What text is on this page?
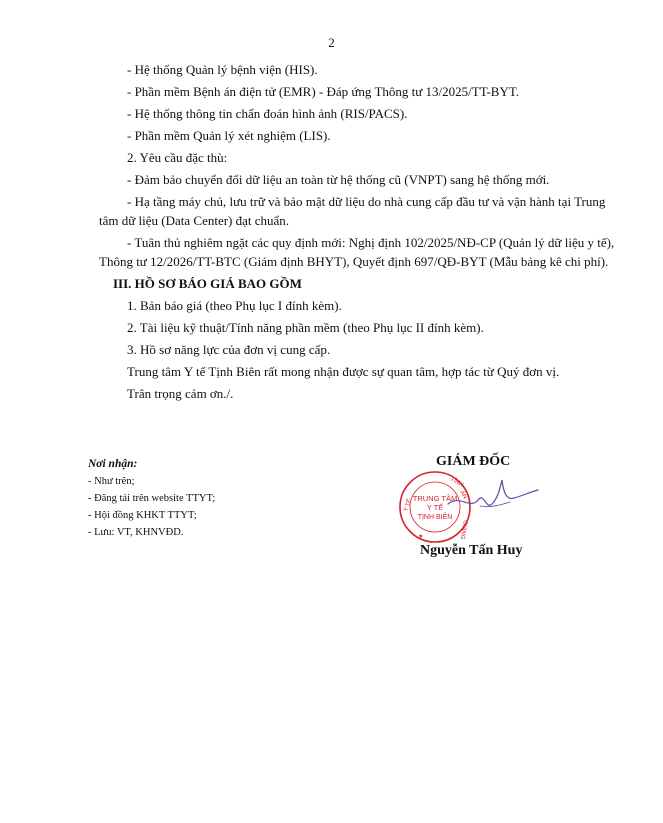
2

- Hệ thống Quản lý bệnh viện (HIS).

- Phần mềm Bệnh án điện tử (EMR) - Đáp ứng Thông tư 13/2025/TT-BYT.

- Hệ thống thông tin chẩn đoán hình ảnh (RIS/PACS).

- Phần mềm Quản lý xét nghiệm (LIS).

2. Yêu cầu đặc thù:

- Đảm bảo chuyển đổi dữ liệu an toàn từ hệ thống cũ (VNPT) sang hệ thống mới.

- Hạ tầng máy chủ, lưu trữ và bảo mật dữ liệu do nhà cung cấp đầu tư và vận hành tại Trung tâm dữ liệu (Data Center) đạt chuẩn.

- Tuân thủ nghiêm ngặt các quy định mới: Nghị định 102/2025/NĐ-CP (Quản lý dữ liệu y tế), Thông tư 12/2026/TT-BTC (Giám định BHYT), Quyết định 697/QĐ-BYT (Mẫu bảng kê chi phí).

III. HỒ SƠ BÁO GIÁ BAO GỒM

1. Bản báo giá (theo Phụ lục I đính kèm).

2. Tài liệu kỹ thuật/Tính năng phần mềm (theo Phụ lục II đính kèm).

3. Hồ sơ năng lực của đơn vị cung cấp.

Trung tâm Y tế Tịnh Biên rất mong nhận được sự quan tâm, hợp tác từ Quý đơn vị.

Trân trọng cảm ơn./.

Nơi nhận:
- Như trên;
- Đăng tải trên website TTYT;
- Hội đồng KHKT TTYT;
- Lưu: VT, KHNVĐD.
GIÁM ĐỐC
TRUNG TÂM
Y TẾ
TỊNH BIÊN
Y TẾ
TỈNH
AN
GIANG
★
Nguyễn Tấn Huy
